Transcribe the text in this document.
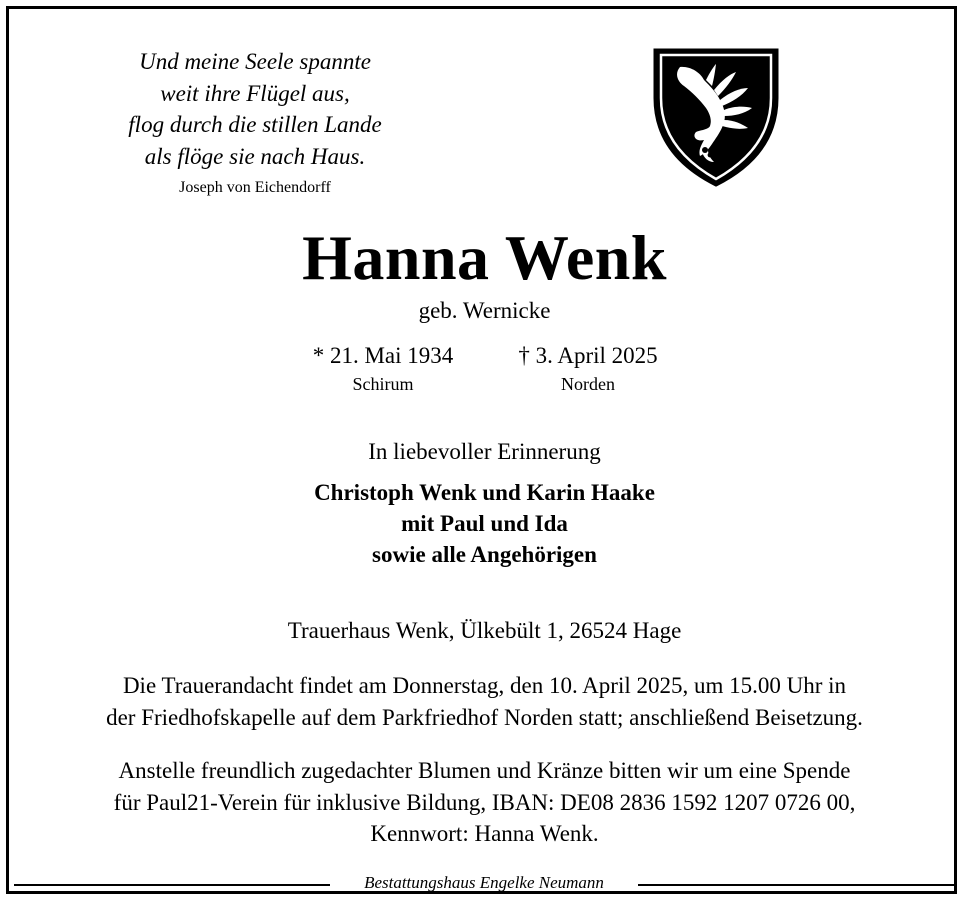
Und meine Seele spannte
weit ihre Flügel aus,
flog durch die stillen Lande
als flöge sie nach Haus.
Joseph von Eichendorff
Hanna Wenk
geb. Wernicke
* 21. Mai 1934
Schirum
† 3. April 2025
Norden
In liebevoller Erinnerung
Christoph Wenk und Karin Haake
mit Paul und Ida
sowie alle Angehörigen
Trauerhaus Wenk, Ülkebült 1, 26524 Hage
Die Trauerandacht findet am Donnerstag, den 10. April 2025, um 15.00 Uhr in
der Friedhofskapelle auf dem Parkfriedhof Norden statt; anschließend Beisetzung.
Anstelle freundlich zugedachter Blumen und Kränze bitten wir um eine Spende
für Paul21-Verein für inklusive Bildung, IBAN: DE08 2836 1592 1207 0726 00,
Kennwort: Hanna Wenk.
Bestattungshaus Engelke Neumann
